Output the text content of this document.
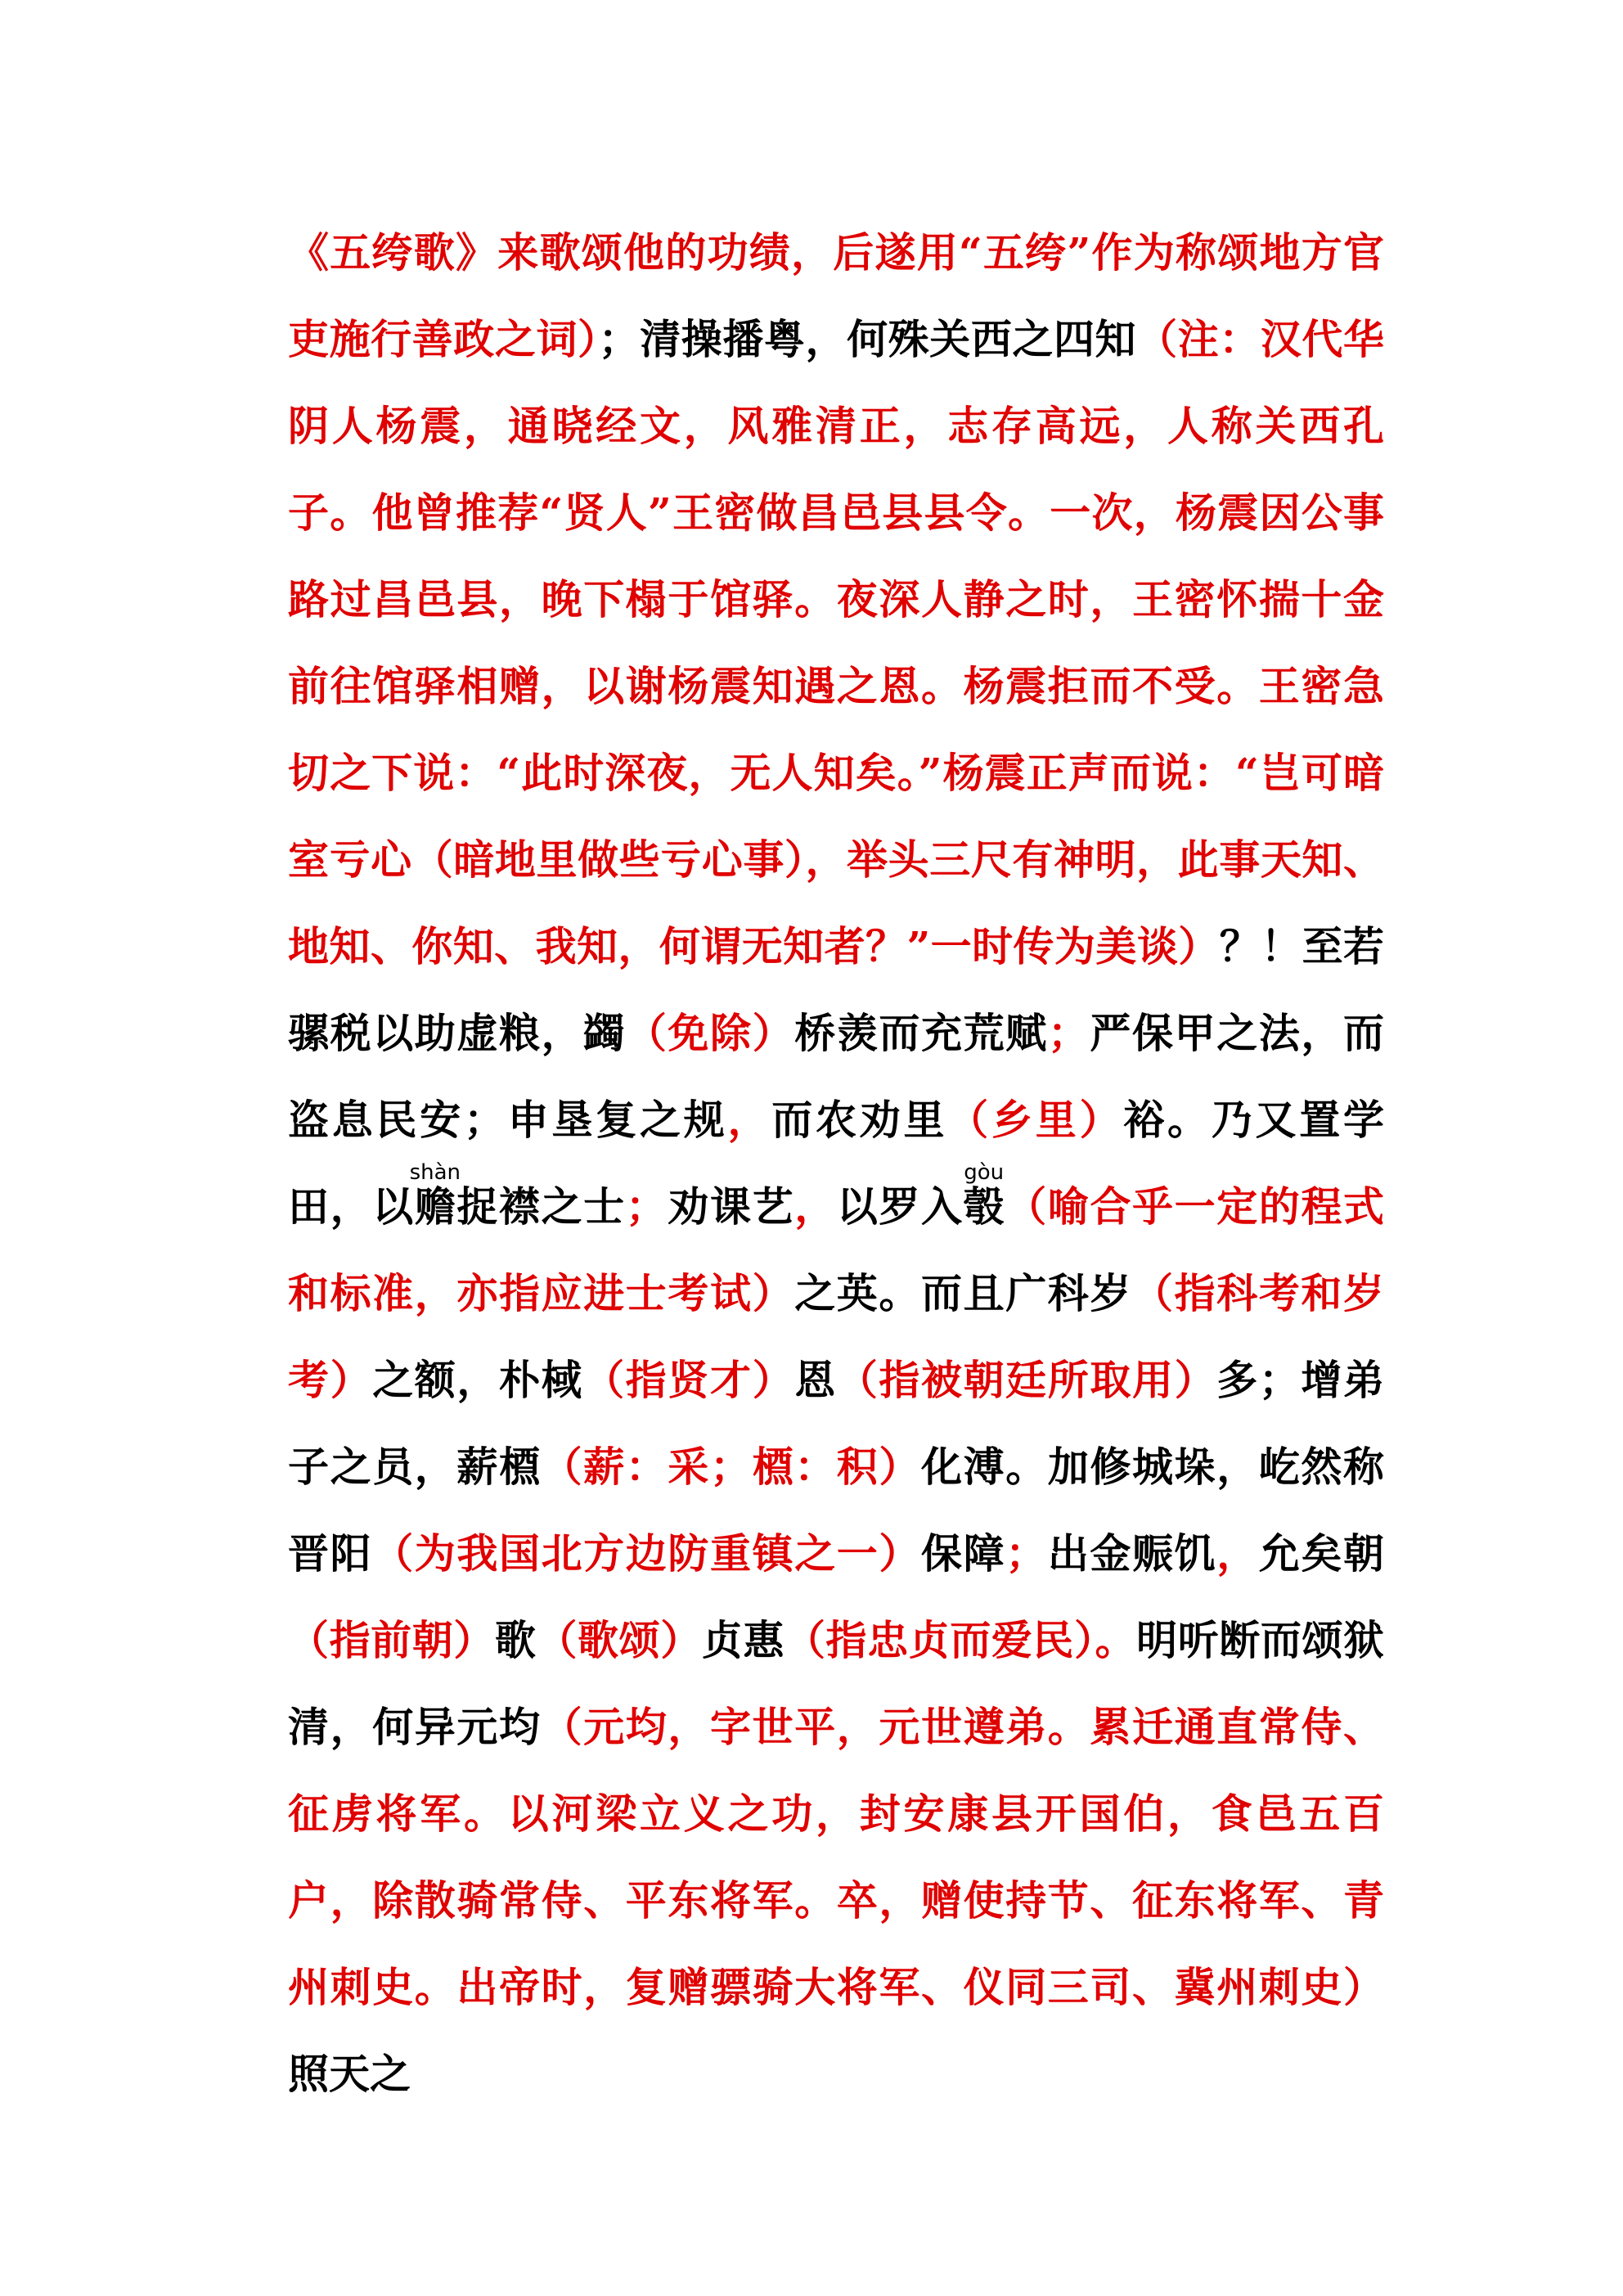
《五绔歌》来歌颂他的功绩，后遂用“五绔”作为称颂地方官吏施行善政之词）；清操播粤，何殊关西之四知（注：汉代华阴人杨震，通晓经文，风雅清正，志存高远，人称关西孔子。他曾推荐“贤人”王密做昌邑县县令。一次，杨震因公事路过昌邑县，晚下榻于馆驿。夜深人静之时，王密怀揣十金前往馆驿相赠，以谢杨震知遇之恩。杨震拒而不受。王密急切之下说：“此时深夜，无人知矣。”杨震正声而说：“岂可暗室亏心（暗地里做些亏心事），举头三尺有神明，此事天知、地知、你知、我知，何谓无知者？”一时传为美谈）？！至若骡税以助虚粮，蠲（免除）桥羡而充荒赋；严保甲之法，而盗息民安；申垦复之规，而农劝里（乡里）裕。乃又置学田，以赡shàn捉襟之士；劝课艺，以罗入彀gòu（喻合乎一定的程式和标准，亦指应进士考试）之英。而且广科岁（指科考和岁考）之额，朴棫（指贤才）恩（指被朝廷所取用）多；增弟子之员，薪槱（薪：采；槱：积）化溥。加修城垛，屹然称晋阳（为我国北方边防重镇之一）保障；出金赈饥，允矣朝（指前朝）歌（歌颂）贞惠（指忠贞而爱民）。明听断而颂狱清，何异元均（元均，字世平，元世遵弟。累迁通直常侍、征虏将军。以河梁立义之功，封安康县开国伯，食邑五百户，除散骑常侍、平东将军。卒，赠使持节、征东将军、青州刺史。出帝时，复赠骠骑大将军、仪同三司、冀州刺史）照天之
